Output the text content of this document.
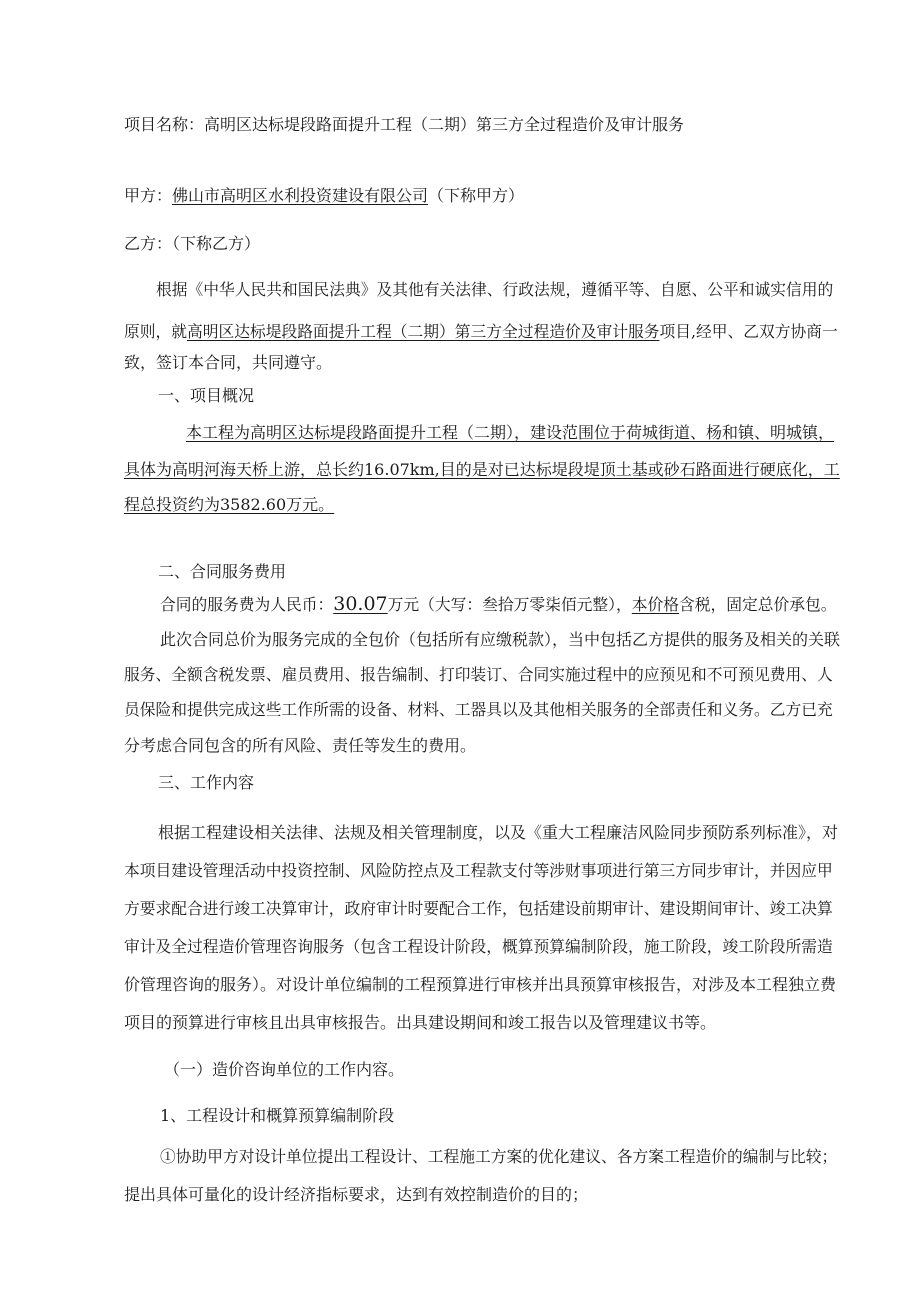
项目名称：高明区达标堤段路面提升工程（二期）第三方全过程造价及审计服务
甲方：佛山市高明区水利投资建设有限公司（下称甲方）
乙方：（下称乙方）
根据《中华人民共和国民法典》及其他有关法律、行政法规，遵循平等、自愿、公平和诚实信用的
原则，就高明区达标堤段路面提升工程（二期）第三方全过程造价及审计服务项目,经甲、乙双方协商一
致，签订本合同，共同遵守。
一、项目概况
本工程为高明区达标堤段路面提升工程（二期），建设范围位于荷城街道、杨和镇、明城镇，
具体为高明河海天桥上游，总长约16.07km,目的是对已达标堤段堤顶土基或砂石路面进行硬底化，工
程总投资约为3582.60万元。
二、合同服务费用
合同的服务费为人民币：30.07万元（大写：叁拾万零柒佰元整），本价格含税，固定总价承包。
此次合同总价为服务完成的全包价（包括所有应缴税款），当中包括乙方提供的服务及相关的关联
服务、全额含税发票、雇员费用、报告编制、打印装订、合同实施过程中的应预见和不可预见费用、人
员保险和提供完成这些工作所需的设备、材料、工器具以及其他相关服务的全部责任和义务。乙方已充
分考虑合同包含的所有风险、责任等发生的费用。
三、工作内容
根据工程建设相关法律、法规及相关管理制度，以及《重大工程廉洁风险同步预防系列标准》，对
本项目建设管理活动中投资控制、风险防控点及工程款支付等涉财事项进行第三方同步审计，并因应甲
方要求配合进行竣工决算审计，政府审计时要配合工作，包括建设前期审计、建设期间审计、竣工决算
审计及全过程造价管理咨询服务（包含工程设计阶段，概算预算编制阶段，施工阶段，竣工阶段所需造
价管理咨询的服务）。对设计单位编制的工程预算进行审核并出具预算审核报告，对涉及本工程独立费
项目的预算进行审核且出具审核报告。出具建设期间和竣工报告以及管理建议书等。
（一）造价咨询单位的工作内容。
1、工程设计和概算预算编制阶段
①协助甲方对设计单位提出工程设计、工程施工方案的优化建议、各方案工程造价的编制与比较；
提出具体可量化的设计经济指标要求，达到有效控制造价的目的；
